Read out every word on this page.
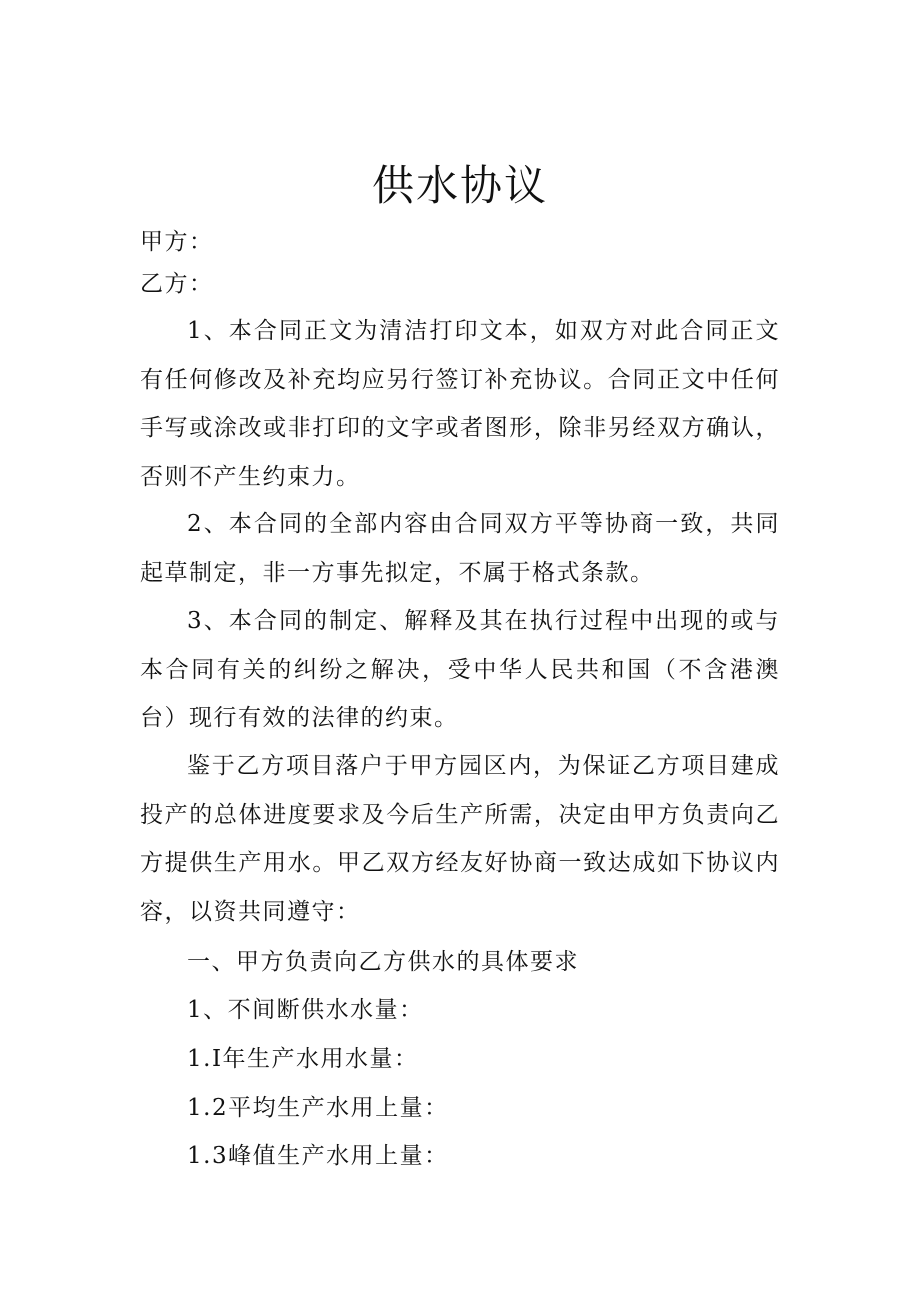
供水协议
甲方：
乙方：
1、本合同正文为清洁打印文本，如双方对此合同正文有任何修改及补充均应另行签订补充协议。合同正文中任何手写或涂改或非打印的文字或者图形，除非另经双方确认，否则不产生约束力。
2、本合同的全部内容由合同双方平等协商一致，共同起草制定，非一方事先拟定，不属于格式条款。
3、本合同的制定、解释及其在执行过程中出现的或与本合同有关的纠纷之解决，受中华人民共和国（不含港澳台）现行有效的法律的约束。
鉴于乙方项目落户于甲方园区内，为保证乙方项目建成投产的总体进度要求及今后生产所需，决定由甲方负责向乙方提供生产用水。甲乙双方经友好协商一致达成如下协议内容，以资共同遵守：
一、甲方负责向乙方供水的具体要求
1、不间断供水水量：
1.I年生产水用水量：
1.2平均生产水用上量：
1.3峰值生产水用上量：
